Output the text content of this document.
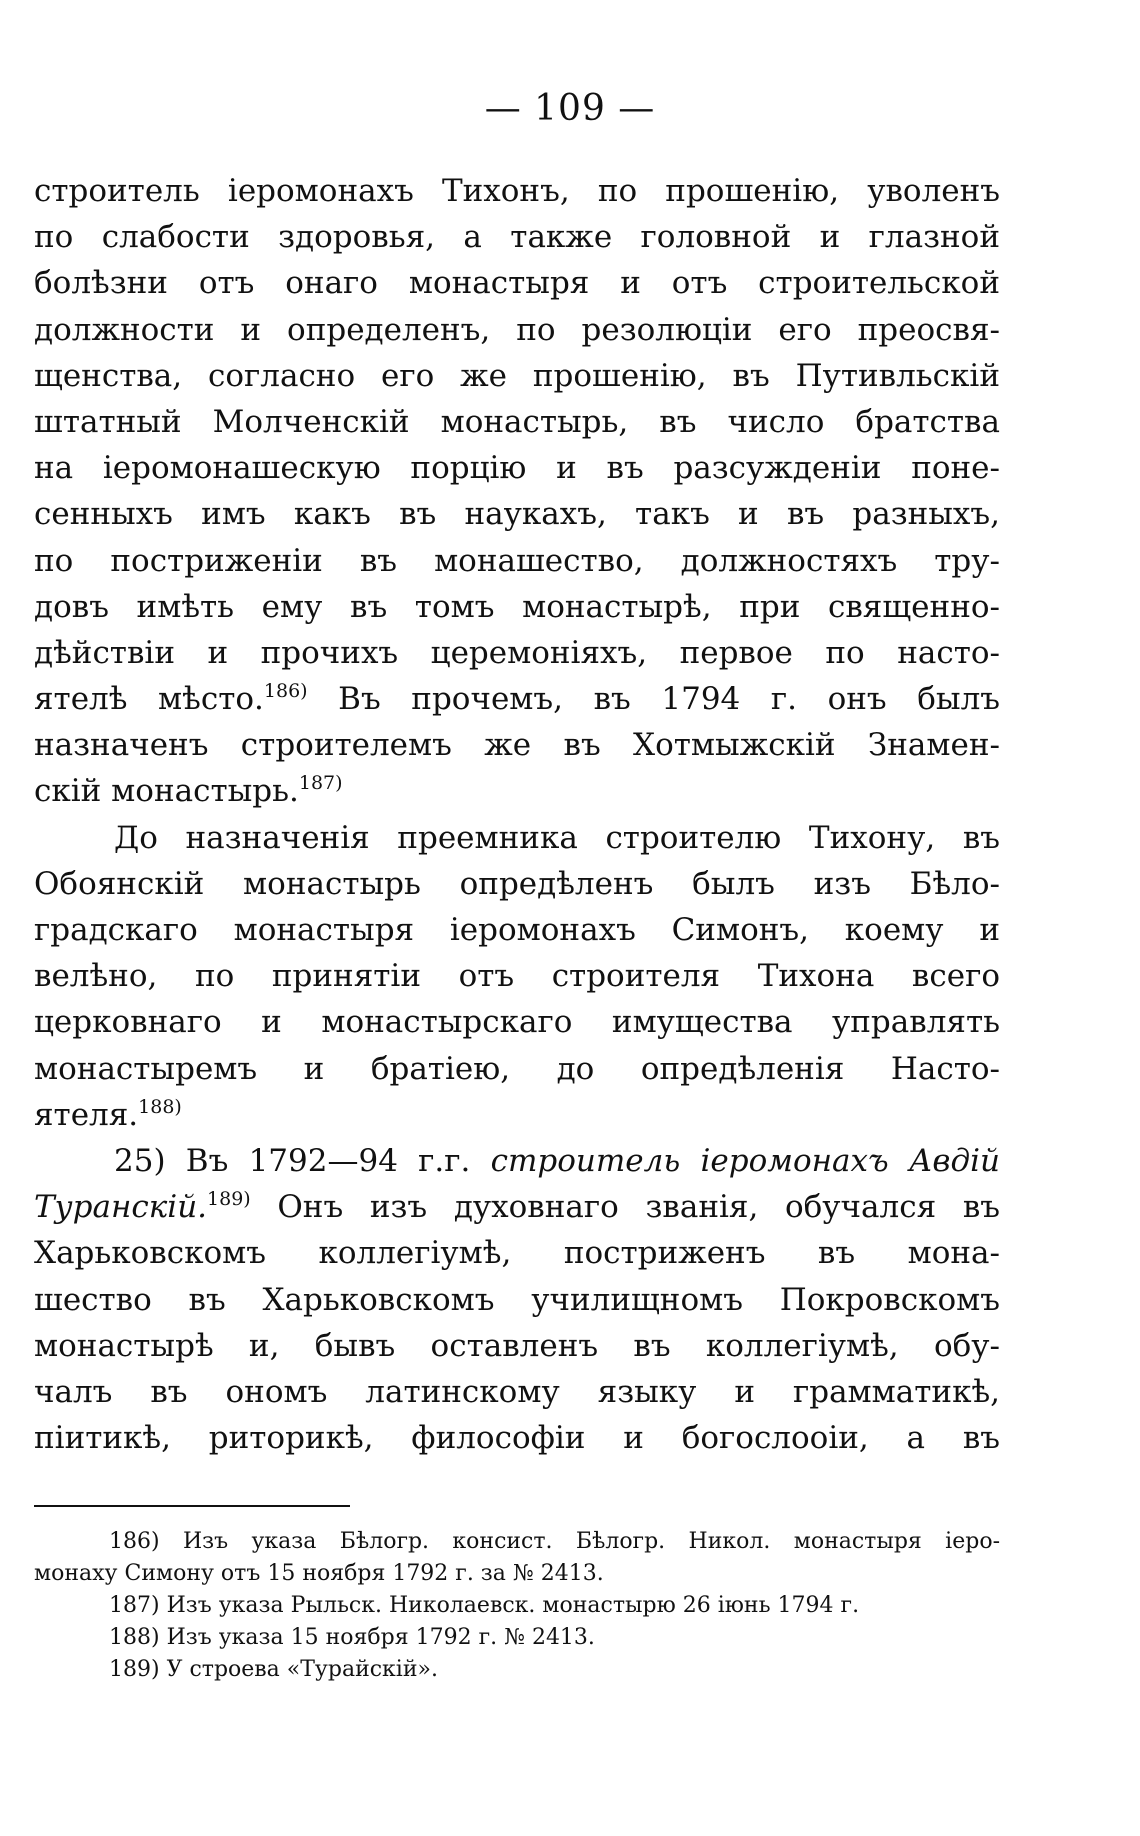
— 109 —
строитель іеромонахъ Тихонъ, по прошенію, уволенъ
по слабости здоровья, а также головной и глазной
болѣзни отъ онаго монастыря и отъ строительской
должности и определенъ, по резолюціи его преосвя-
щенства, согласно его же прошенію, въ Путивльскій
штатный Молченскій монастырь, въ число братства
на іеромонашескую порцію и въ разсужденіи поне-
сенныхъ имъ какъ въ наукахъ, такъ и въ разныхъ,
по постриженіи въ монашество, должностяхъ тру-
довъ имѣть ему въ томъ монастырѣ, при священно-
дѣйствіи и прочихъ церемоніяхъ, первое по насто-
ятелѣ мѣсто.$^{186)}$ Въ прочемъ, въ 1794 г. онъ былъ
назначенъ строителемъ же въ Хотмыжскій Знамен-
скій монастырь.$^{187)}$
До назначенія преемника строителю Тихону, въ
Обоянскій монастырь опредѣленъ былъ изъ Бѣло-
градскаго монастыря іеромонахъ Симонъ, коему и
велѣно, по принятіи отъ строителя Тихона всего
церковнаго и монастырскаго имущества управлять
монастыремъ и братіею, до опредѣленія Насто-
ятеля.$^{188)}$
25) Въ 1792—94 г.г. строитель іеромонахъ Авдій
Туранскій.$^{189)}$ Онъ изъ духовнаго званія, обучался въ
Харьковскомъ коллегіумѣ, постриженъ въ мона-
шество въ Харьковскомъ училищномъ Покровскомъ
монастырѣ и, бывъ оставленъ въ коллегіумѣ, обу-
чалъ въ ономъ латинскому языку и грамматикѣ,
піитикѣ, риторикѣ, философіи и богослооіи, а въ
186) Изъ указа Бѣлогр. консист. Бѣлогр. Никол. монастыря іеро-
монаху Симону отъ 15 ноября 1792 г. за № 2413.
187) Изъ указа Рыльск. Николаевск. монастырю 26 іюнь 1794 г.
188) Изъ указа 15 ноября 1792 г. № 2413.
189) У строева «Турайскій».
